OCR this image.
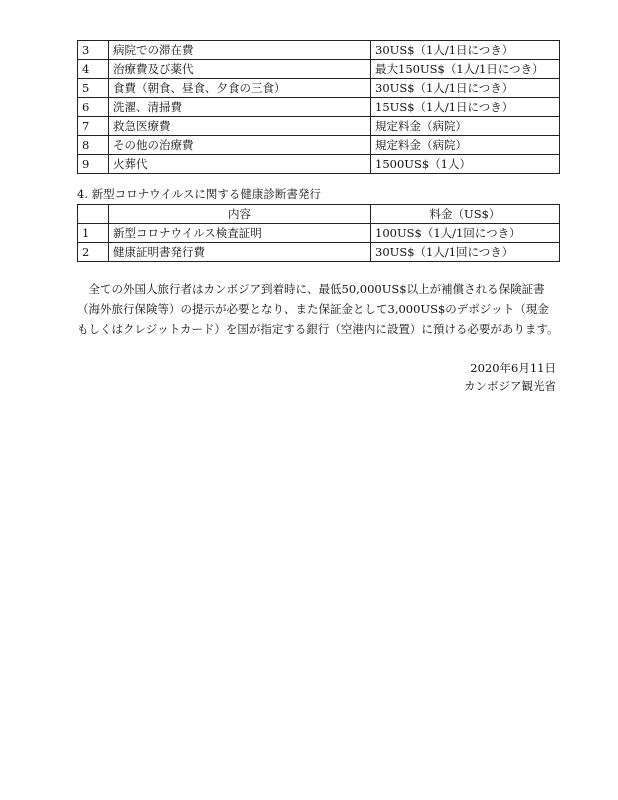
3	病院での滞在費	30US$（1人/1日につき）
4	治療費及び薬代	最大150US$（1人/1日につき）
5	食費（朝食、昼食、夕食の三食）	30US$（1人/1日につき）
6	洗濯、清掃費	15US$（1人/1日につき）
7	救急医療費	規定料金（病院）
8	その他の治療費	規定料金（病院）
9	火葬代	1500US$（1人）
4. 新型コロナウイルスに関する健康診断書発行
	内容	料金（US$）
1	新型コロナウイルス検査証明	100US$（1人/1回につき）
2	健康証明書発行費	30US$（1人/1回につき）

全ての外国人旅行者はカンボジア到着時に、最低50,000US$以上が補償される保険証書（海外旅行保険等）の提示が必要となり、また保証金として3,000US$のデポジット（現金もしくはクレジットカード）を国が指定する銀行（空港内に設置）に預ける必要があります。

2020年6月11日
カンボジア観光省
